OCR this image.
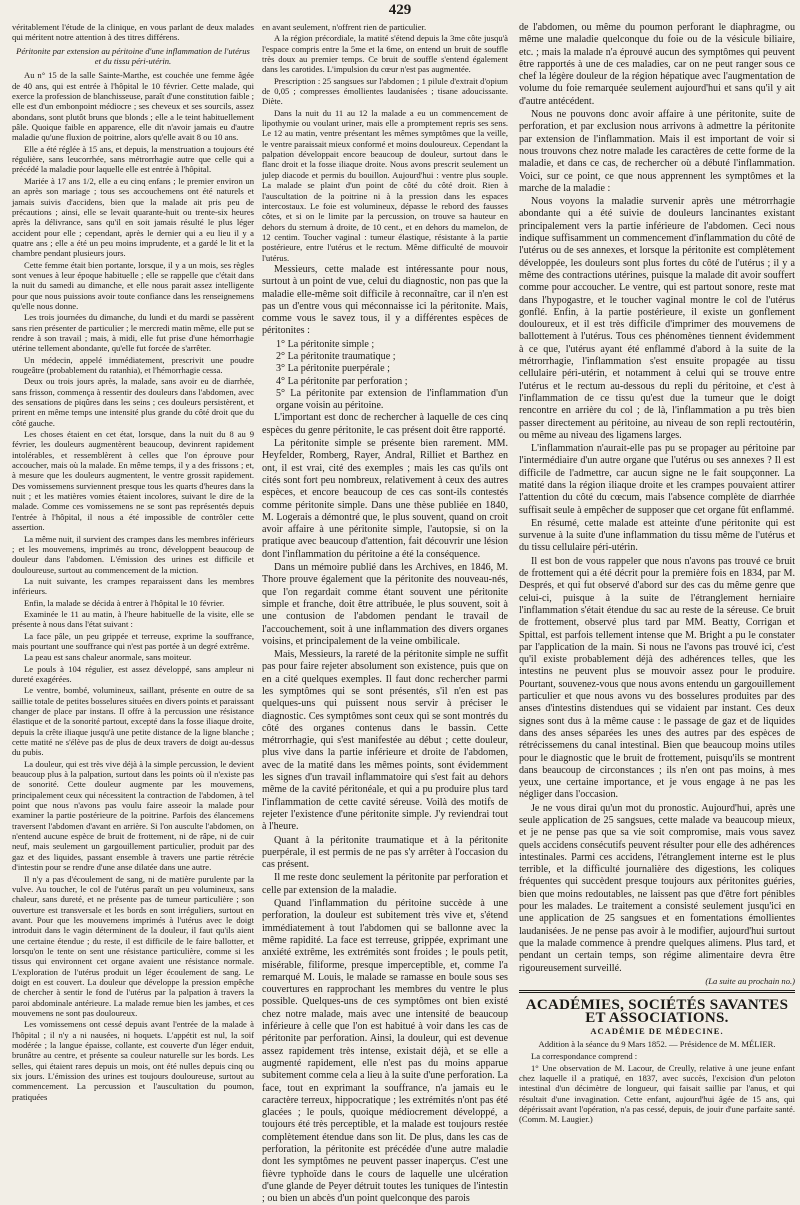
429

véritablement l'étude de la clinique, en vous parlant de deux malades qui méritent notre attention à des titres différens.

Péritonite par extension au péritoine d'une inflammation de l'utérus et du tissu péri-utérin.

Au n° 15 de la salle Sainte-Marthe, est couchée une femme âgée de 40 ans, qui est entrée à l'hôpital le 10 février. Cette malade, qui exerce la profession de blanchisseuse, paraît d'une constitution faible ; elle est d'un embonpoint médiocre ; ses cheveux et ses sourcils, assez abondans, sont plutôt bruns que blonds ; elle a le teint habituellement pâle. Quoique faible en apparence, elle dit n'avoir jamais eu d'autre maladie qu'une fluxion de poitrine, alors qu'elle avait 8 ou 10 ans.

Elle a été réglée à 15 ans, et depuis, la menstruation a toujours été régulière, sans leucorrhée, sans métrorrhagie autre que celle qui a précédé la maladie pour laquelle elle est entrée à l'hôpital.

Mariée à 17 ans 1/2, elle a eu cinq enfans ; le premier environ un an après son mariage ; tous ses accouchemens ont été naturels et jamais suivis d'accidens, bien que la malade ait pris peu de précautions ; ainsi, elle se levait quarante-huit ou trente-six heures après la délivrance, sans qu'il en soit jamais résulté le plus léger accident pour elle ; cependant, après le dernier qui a eu lieu il y a quatre ans ; elle a été un peu moins imprudente, et a gardé le lit et la chambre pendant plusieurs jours.

Cette femme était bien portante, lorsque, il y a un mois, ses règles sont venues à leur époque habituelle ; elle se rappelle que c'était dans la nuit du samedi au dimanche, et elle nous parait assez intelligente pour que nous puissions avoir toute confiance dans les renseignemens qu'elle nous donne.

Les trois journées du dimanche, du lundi et du mardi se passèrent sans rien présenter de particulier ; le mercredi matin même, elle put se rendre à son travail ; mais, à midi, elle fut prise d'une hémorrhagie utérine tellement abondante, qu'elle fut forcée de s'arrêter.

Un médecin, appelé immédiatement, prescrivit une poudre rougeâtre (probablement du ratanhia), et l'hémorrhagie cessa.

Deux ou trois jours après, la malade, sans avoir eu de diarrhée, sans frisson, commença à ressentir des douleurs dans l'abdomen, avec des sensations de piqûres dans les seins ; ces douleurs persistèrent, et prirent en même temps une intensité plus grande du côté droit que du côté gauche.

Les choses étaient en cet état, lorsque, dans la nuit du 8 au 9 février, les douleurs augmentèrent beaucoup, devinrent rapidement intolérables, et ressemblèrent à celles que l'on éprouve pour accoucher, mais où la malade. En même temps, il y a des frissons ; et, à mesure que les douleurs augmentent, le ventre grossit rapidement. Des vomissemens surviennent presque tous les quarts d'heures dans la nuit ; et les matières vomies étaient incolores, suivant le dire de la malade. Comme ces vomissemens ne se sont pas représentés depuis l'entrée à l'hôpital, il nous a été impossible de contrôler cette assertion.

La même nuit, il survient des crampes dans les membres inférieurs ; et les mouvemens, imprimés au tronc, développent beaucoup de douleur dans l'abdomen. L'émission des urines est difficile et douloureuse, surtout au commencement de la miction.

La nuit suivante, les crampes reparaissent dans les membres inférieurs.

Enfin, la malade se décida à entrer à l'hôpital le 10 février.

Examinée le 11 au matin, à l'heure habituelle de la visite, elle se présente à nous dans l'état suivant :

La face pâle, un peu grippée et terreuse, exprime la souffrance, mais pourtant une souffrance qui n'est pas portée à un degré extrême.

La peau est sans chaleur anormale, sans moiteur.

Le pouls à 104 régulier, est assez développé, sans ampleur ni dureté exagérées.

Le ventre, bombé, volumineux, saillant, présente en outre de sa saillie totale de petites bosselures situées en divers points et paraissant changer de place par instans. Il offre à la percussion une résistance élastique et de la sonorité partout, excepté dans la fosse iliaque droite, depuis la crête iliaque jusqu'à une petite distance de la ligne blanche ; cette matité ne s'élève pas de plus de deux travers de doigt au-dessus du pubis.

La douleur, qui est très vive déjà à la simple percussion, le devient beaucoup plus à la palpation, surtout dans les points où il n'existe pas de sonorité. Cette douleur augmente par les mouvemens, principalement ceux qui nécessitent la contraction de l'abdomen, à tel point que nous n'avons pas voulu faire asseoir la malade pour examiner la partie postérieure de la poitrine. Parfois des élancemens traversent l'abdomen d'avant en arrière. Si l'on ausculte l'abdomen, on n'entend aucune espèce de bruit de frottement, ni de râpe, ni de cuir neuf, mais seulement un gargouillement particulier, produit par des gaz et des liquides, passant ensemble à travers une partie rétrécie d'intestin pour se rendre d'une anse dilatée dans une autre.

Il n'y a pas d'écoulement de sang, ni de matière purulente par la vulve. Au toucher, le col de l'utérus paraît un peu volumineux, sans chaleur, sans dureté, et ne présente pas de tumeur particulière ; son ouverture est transversale et les bords en sont irréguliers, surtout en avant. Pour que les mouvemens imprimés à l'utérus avec le doigt introduit dans le vagin déterminent de la douleur, il faut qu'ils aient une certaine étendue ; du reste, il est difficile de le faire ballotter, et lorsqu'on le tente on sent une résistance particulière, comme si les tissus qui environnent cet organe avaient une résistance normale. L'exploration de l'utérus produit un léger écoulement de sang. Le doigt en est couvert. La douleur que développe la pression empêche de chercher à sentir le fond de l'utérus par la palpation à travers la paroi abdominale antérieure. La malade remue bien les jambes, et ces mouvemens ne sont pas douloureux.

Les vomissemens ont cessé depuis avant l'entrée de la malade à l'hôpital ; il n'y a ni nausées, ni hoquets. L'appétit est nul, la soif modérée ; la langue épaisse, collante, est couverte d'un léger enduit, brunâtre au centre, et présente sa couleur naturelle sur les bords. Les selles, qui étaient rares depuis un mois, ont été nulles depuis cinq ou six jours. L'émission des urines est toujours douloureuse, surtout au commencement. La percussion et l'auscultation du poumon, pratiquées

en avant seulement, n'offrent rien de particulier.

A la région précordiale, la matité s'étend depuis la 3me côte jusqu'à l'espace compris entre la 5me et la 6me, on entend un bruit de souffle très doux au premier temps. Ce bruit de souffle s'entend également dans les carotides. L'impulsion du cœur n'est pas augmentée.

Prescription : 25 sangsues sur l'abdomen ; 1 pilule d'extrait d'opium de 0,05 ; compresses émollientes laudanisées ; tisane adoucissante. Diète.

Dans la nuit du 11 au 12 la malade a eu un commencement de lipothymie ou voulant uriner, mais elle a promptement repris ses sens. Le 12 au matin, ventre présentant les mêmes symptômes que la veille, le ventre paraissait mieux conformé et moins douloureux. Cependant la palpation développait encore beaucoup de douleur, surtout dans le flanc droit et la fosse iliaque droite. Nous avons prescrit seulement un julep diacode et permis du bouillon. Aujourd'hui : ventre plus souple. La malade se plaint d'un point de côté du côté droit. Rien à l'auscultation de la poitrine ni à la pression dans les espaces intercostaux. Le foie est volumineux, dépasse le rebord des fausses côtes, et si on le limite par la percussion, on trouve sa hauteur en dehors du sternum à droite, de 10 cent., et en dehors du mamelon, de 12 centim. Toucher vaginal : tumeur élastique, résistante à la partie postérieure, entre l'utérus et le rectum. Même difficulté de mouvoir l'utérus.

Messieurs, cette malade est intéressante pour nous, surtout à un point de vue, celui du diagnostic, non pas que la maladie elle-même soit difficile à reconnaître, car il n'en est pas un d'entre vous qui méconnaisse ici la péritonite. Mais, comme vous le savez tous, il y a différentes espèces de péritonites :

1° La péritonite simple ;

2° La péritonite traumatique ;

3° La péritonite puerpérale ;

4° La péritonite par perforation ;

5° La péritonite par extension de l'inflammation d'un organe voisin au péritoine.

L'important est donc de rechercher à laquelle de ces cinq espèces du genre péritonite, le cas présent doit être rapporté.

La péritonite simple se présente bien rarement. MM. Heyfelder, Romberg, Rayer, Andral, Rilliet et Barthez en ont, il est vrai, cité des exemples ; mais les cas qu'ils ont cités sont fort peu nombreux, relativement à ceux des autres espèces, et encore beaucoup de ces cas sont-ils contestés comme péritonite simple. Dans une thèse publiée en 1840, M. Logerais a démontré que, le plus souvent, quand on croit avoir affaire à une péritonite simple, l'autopsie, si on la pratique avec beaucoup d'attention, fait découvrir une lésion dont l'inflammation du péritoine a été la conséquence.

Dans un mémoire publié dans les Archives, en 1846, M. Thore prouve également que la péritonite des nouveau-nés, que l'on regardait comme étant souvent une péritonite simple et franche, doit être attribuée, le plus souvent, soit à une contusion de l'abdomen pendant le travail de l'accouchement, soit à une inflammation des divers organes voisins, et principalement de la veine ombilicale.

Mais, Messieurs, la rareté de la péritonite simple ne suffit pas pour faire rejeter absolument son existence, puis que on en a cité quelques exemples. Il faut donc rechercher parmi les symptômes qui se sont présentés, s'il n'en est pas quelques-uns qui puissent nous servir à préciser le diagnostic. Ces symptômes sont ceux qui se sont montrés du côté des organes contenus dans le bassin. Cette métrorrhagie, qui s'est manifestée au début ; cette douleur, plus vive dans la partie inférieure et droite de l'abdomen, avec de la matité dans les mêmes points, sont évidemment les signes d'un travail inflammatoire qui s'est fait au dehors même de la cavité péritonéale, et qui a pu produire plus tard l'inflammation de cette cavité séreuse. Voilà des motifs de rejeter l'existence d'une péritonite simple. J'y reviendrai tout à l'heure.

Quant à la péritonite traumatique et à la péritonite puerpérale, il est permis de ne pas s'y arrêter à l'occasion du cas présent.

Il me reste donc seulement la péritonite par perforation et celle par extension de la maladie.

Quand l'inflammation du péritoine succède à une perforation, la douleur est subitement très vive et, s'étend immédiatement à tout l'abdomen qui se ballonne avec la même rapidité. La face est terreuse, grippée, exprimant une anxiété extrême, les extrémités sont froides ; le pouls petit, misérable, filiforme, presque imperceptible, et, comme l'a remarqué M. Louis, le malade se ramasse en boule sous ses couvertures en rapprochant les membres du ventre le plus possible. Quelques-uns de ces symptômes ont bien existé chez notre malade, mais avec une intensité de beaucoup inférieure à celle que l'on est habitué à voir dans les cas de péritonite par perforation. Ainsi, la douleur, qui est devenue assez rapidement très intense, existait déjà, et se elle a augmenté rapidement, elle n'est pas du moins apparue subitement comme cela a lieu à la suite d'une perforation. La face, tout en exprimant la souffrance, n'a jamais eu le caractère terreux, hippocratique ; les extrémités n'ont pas été glacées ; le pouls, quoique médiocrement développé, a toujours été très perceptible, et la malade est toujours restée complètement étendue dans son lit. De plus, dans les cas de perforation, la péritonite est précédée d'une autre maladie dont les symptômes ne peuvent passer inaperçus. C'est une fièvre typhoïde dans le cours de laquelle une ulcération d'une glande de Peyer détruit toutes les tuniques de l'intestin ; ou bien un abcès d'un point quelconque des parois

de l'abdomen, ou même du poumon perforant le diaphragme, ou même une maladie quelconque du foie ou de la vésicule biliaire, etc. ; mais la malade n'a éprouvé aucun des symptômes qui peuvent être rapportés à une de ces maladies, car on ne peut ranger sous ce chef la légère douleur de la région hépatique avec l'augmentation de volume du foie remarquée seulement aujourd'hui et sans qu'il y ait d'autre antécédent.

Nous ne pouvons donc avoir affaire à une péritonite, suite de perforation, et par exclusion nous arrivons à admettre la péritonite par extension de l'inflammation. Mais il est important de voir si nous trouvons chez notre malade les caractères de cette forme de la maladie, et dans ce cas, de rechercher où a débuté l'inflammation. Voici, sur ce point, ce que nous apprennent les symptômes et la marche de la maladie :

Nous voyons la maladie survenir après une métrorrhagie abondante qui a été suivie de douleurs lancinantes existant principalement vers la partie inférieure de l'abdomen. Ceci nous indique suffisamment un commencement d'inflammation du côté de l'utérus ou de ses annexes, et lorsque la péritonite est complètement développée, les douleurs sont plus fortes du côté de l'utérus ; il y a même des contractions utérines, puisque la malade dit avoir souffert comme pour accoucher. Le ventre, qui est partout sonore, reste mat dans l'hypogastre, et le toucher vaginal montre le col de l'utérus gonflé. Enfin, à la partie postérieure, il existe un gonflement douloureux, et il est très difficile d'imprimer des mouvemens de ballottement à l'utérus. Tous ces phénomènes tiennent évidemment à ce que, l'utérus ayant été enflammé d'abord à la suite de la métrorrhagie, l'inflammation s'est ensuite propagée au tissu cellulaire péri-utérin, et notamment à celui qui se trouve entre l'utérus et le rectum au-dessous du repli du péritoine, et c'est à l'inflammation de ce tissu qu'est due la tumeur que le doigt rencontre en arrière du col ; de là, l'inflammation a pu très bien passer directement au péritoine, au niveau de son repli rectoutérin, ou même au niveau des ligamens larges.

L'inflammation n'aurait-elle pas pu se propager au péritoine par l'intermédiaire d'un autre organe que l'utérus ou ses annexes ? Il est difficile de l'admettre, car aucun signe ne le fait soupçonner. La matité dans la région iliaque droite et les crampes pouvaient attirer l'attention du côté du cœcum, mais l'absence complète de diarrhée suffisait seule à empêcher de supposer que cet organe fût enflammé.

En résumé, cette malade est atteinte d'une péritonite qui est survenue à la suite d'une inflammation du tissu même de l'utérus et du tissu cellulaire péri-utérin.

Il est bon de vous rappeler que nous n'avons pas trouvé ce bruit de frottement qui a été décrit pour la première fois en 1834, par M. Després, et qui fut observé d'abord sur des cas du même genre que celui-ci, puisque à la suite de l'étranglement herniaire l'inflammation s'était étendue du sac au reste de la séreuse. Ce bruit de frottement, observé plus tard par MM. Beatty, Corrigan et Spittal, est parfois tellement intense que M. Bright a pu le constater par l'application de la main. Si nous ne l'avons pas trouvé ici, c'est qu'il existe probablement déjà des adhérences telles, que les intestins ne peuvent plus se mouvoir assez pour le produire. Pourtant, souvenez-vous que nous avons entendu un gargouillement particulier et que nous avons vu des bosselures produites par des anses d'intestins distendues qui se vidaient par instant. Ces deux signes sont dus à la même cause : le passage de gaz et de liquides dans des anses séparées les unes des autres par des espèces de rétrécissemens du canal intestinal. Bien que beaucoup moins utiles pour le diagnostic que le bruit de frottement, puisqu'ils se montrent dans beaucoup de circonstances ; ils n'en ont pas moins, à mes yeux, une certaine importance, et je vous engage à ne pas les négliger dans l'occasion.

Je ne vous dirai qu'un mot du pronostic. Aujourd'hui, après une seule application de 25 sangsues, cette malade va beaucoup mieux, et je ne pense pas que sa vie soit compromise, mais vous savez quels accidens consécutifs peuvent résulter pour elle des adhérences intestinales. Parmi ces accidens, l'étranglement interne est le plus terrible, et la difficulté journalière des digestions, les coliques fréquentes qui succèdent presque toujours aux péritonites guéries, bien que moins redoutables, ne laissent pas que d'être fort pénibles pour les malades. Le traitement a consisté seulement jusqu'ici en une application de 25 sangsues et en fomentations émollientes laudanisées. Je ne pense pas avoir à le modifier, aujourd'hui surtout que la malade commence à prendre quelques alimens. Plus tard, et pendant un certain temps, son régime alimentaire devra être rigoureusement surveillé.

(La suite au prochain no.)

ACADÉMIES, SOCIÉTÉS SAVANTES ET ASSOCIATIONS.

ACADÉMIE DE MÉDECINE.

Addition à la séance du 9 Mars 1852. — Présidence de M. MÉLIER.

La correspondance comprend :

1° Une observation de M. Lacour, de Creully, relative à une jeune enfant chez laquelle il a pratiqué, en 1837, avec succès, l'excision d'un peloton intestinal d'un décimètre de longueur, qui faisait saillie par l'anus, et qui résultait d'une invagination. Cette enfant, aujourd'hui âgée de 15 ans, qui dépérissait avant l'opération, n'a pas cessé, depuis, de jouir d'une parfaite santé. (Comm. M. Laugier.)
